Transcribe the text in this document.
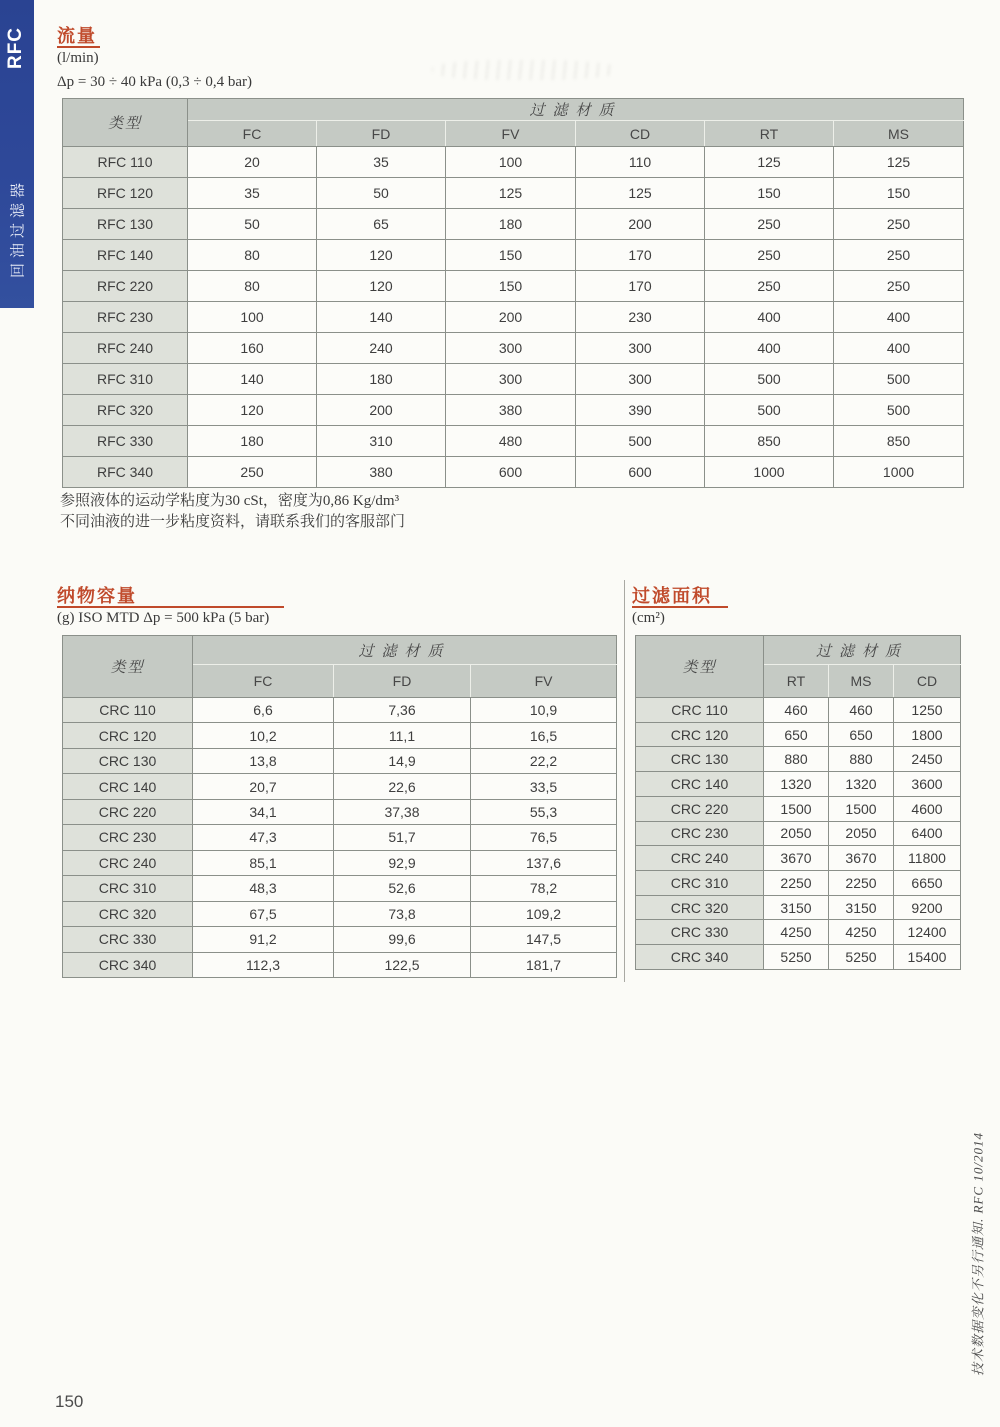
RFC
回油过滤器
流量
(l/min)
Δp = 30 ÷ 40 kPa (0,3 ÷ 0,4 bar)
类型	过滤材质					
	FC	FD	FV	CD	RT	MS
RFC 110	20	35	100	110	125	125
RFC 120	35	50	125	125	150	150
RFC 130	50	65	180	200	250	250
RFC 140	80	120	150	170	250	250
RFC 220	80	120	150	170	250	250
RFC 230	100	140	200	230	400	400
RFC 240	160	240	300	300	400	400
RFC 310	140	180	300	300	500	500
RFC 320	120	200	380	390	500	500
RFC 330	180	310	480	500	850	850
RFC 340	250	380	600	600	1000	1000
参照液体的运动学粘度为30 cSt，密度为0,86 Kg/dm³
不同油液的进一步粘度资料，请联系我们的客服部门
纳物容量
(g) ISO MTD Δp = 500 kPa (5 bar)
类型	过滤材质		
	FC	FD	FV
CRC 110	6,6	7,36	10,9
CRC 120	10,2	11,1	16,5
CRC 130	13,8	14,9	22,2
CRC 140	20,7	22,6	33,5
CRC 220	34,1	37,38	55,3
CRC 230	47,3	51,7	76,5
CRC 240	85,1	92,9	137,6
CRC 310	48,3	52,6	78,2
CRC 320	67,5	73,8	109,2
CRC 330	91,2	99,6	147,5
CRC 340	112,3	122,5	181,7
过滤面积
(cm²)
类型	过滤材质		
	RT	MS	CD
CRC 110	460	460	1250
CRC 120	650	650	1800
CRC 130	880	880	2450
CRC 140	1320	1320	3600
CRC 220	1500	1500	4600
CRC 230	2050	2050	6400
CRC 240	3670	3670	11800
CRC 310	2250	2250	6650
CRC 320	3150	3150	9200
CRC 330	4250	4250	12400
CRC 340	5250	5250	15400
技术数据变化不另行通知. RFC 10/2014
150
